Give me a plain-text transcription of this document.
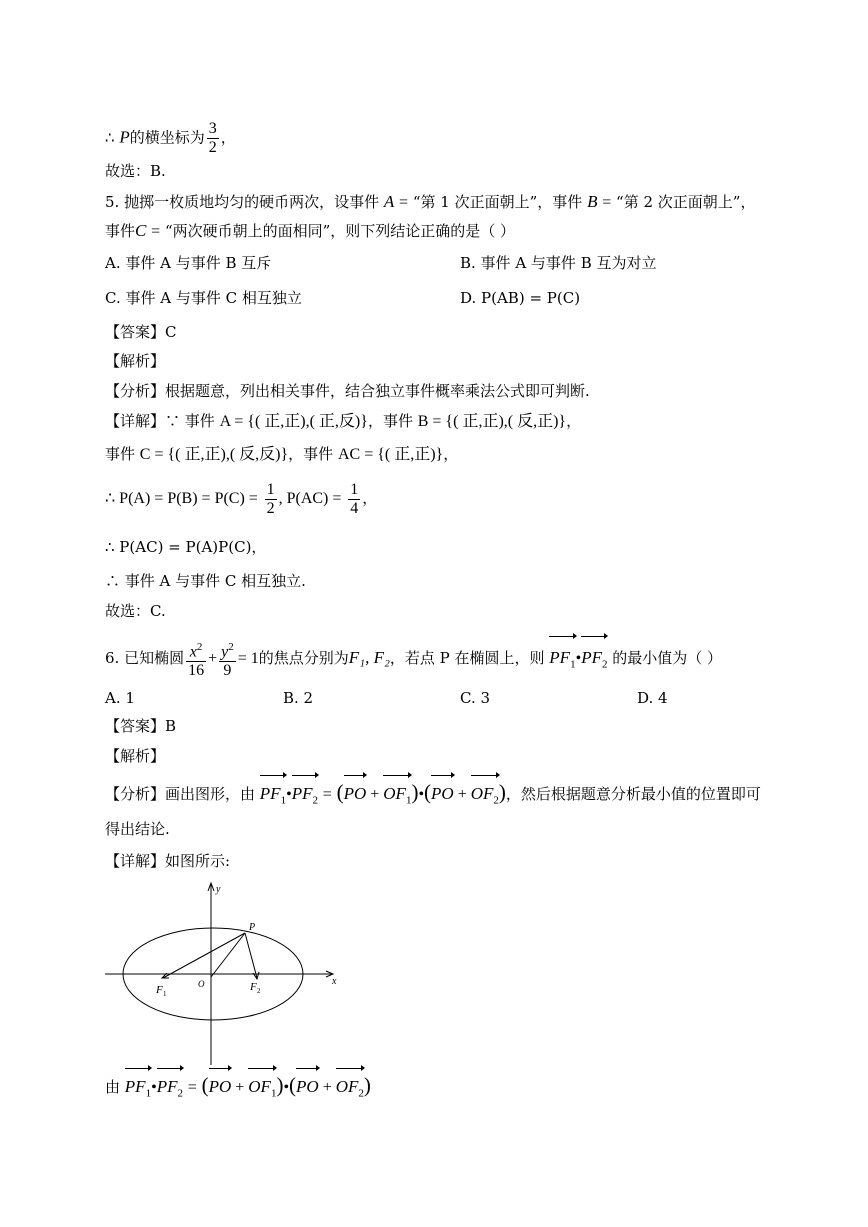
∴ P的横坐标为 $\frac{3}{2}$ ，
故选：B.
5. 抛掷一枚质地均匀的硬币两次，设事件 A = “第 1 次正面朝上”，事件 B = “第 2 次正面朝上”，
事件C = “两次硬币朝上的面相同”，则下列结论正确的是（ ）
A. 事件 A 与事件 B 互斥	B. 事件 A 与事件 B 互为对立
C. 事件 A 与事件 C 相互独立	D. P(AB) = P(C)
【答案】C
【解析】
【分析】根据题意，列出相关事件，结合独立事件概率乘法公式即可判断.
【详解】∵ 事件 A = {( 正,正),( 正,反)}，事件 B = {( 正,正),( 反,正)}，
事件 C = {( 正,正),( 反,反)}，事件 AC = {( 正,正)}，
∴ $P(A) = P(B) = P(C) = \frac{1}{2}$ , $P(AC) = \frac{1}{4}$ ，
∴ P(AC) = P(A)P(C)，
∴ 事件 A 与事件 C 相互独立.
故选：C.
6. 已知椭圆 $\frac{x^2}{16} + \frac{y^2}{9} = 1$的焦点分别为F₁, F₂，若点 P 在椭圆上，则 $PF_1•PF_2$ 的最小值为（ ）
A. 1	B. 2	C. 3	D. 4
【答案】B
【解析】
【分析】画出图形，由 $PF_1•PF_2 = (PO$ + $OF_1)•(PO + OF_2)$，然后根据题意分析最小值的位置即可
得出结论.
【详解】如图所示:
y
x
P
O
F 1
F 2
由 $PF_1•PF_2 = (PO$ + $OF_1)•(PO + OF_2)$
